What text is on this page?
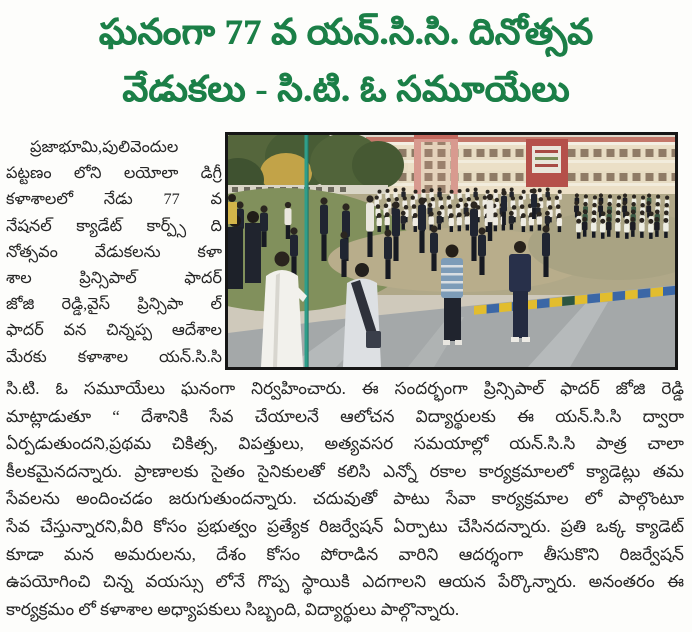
ఘనంగా 77 వ యన్.సి.సి. దినోత్సవ
వేడుకలు - సి.టి. ఓ సమూయేలు
ప్రజాభూమి,పులివెందుల
పట్టణం లోని లయోలా డిగ్రీ
కళాశాలలో నేడు 77 వ
నేషనల్ క్యాడేట్ కార్ప్స్ ది
నోత్సవం వేడుకలను కళా
శాల ప్రిన్సిపాల్ ఫాదర్
జోజి రెడ్డి,వైస్ ప్రిన్సిపా ల్
ఫాదర్ వన చిన్నప్ప ఆదేశాల
మేరకు కళాశాల యన్.సి.సి
సి.టి. ఓ సమూయేలు ఘనంగా నిర్వహించారు. ఈ సందర్భంగా ప్రిన్సిపాల్ ఫాదర్ జోజి రెడ్డి
మాట్లాడుతూ “ దేశానికి సేవ చేయాలనే ఆలోచన విద్యార్థులకు ఈ యన్.సి.సి ద్వారా
ఏర్పడుతుందని,ప్రథమ చికిత్స, విపత్తులు, అత్యవసర సమయాల్లో యన్.సి.సి పాత్ర చాలా
కీలకమైనదన్నారు. ప్రాణాలకు సైతం సైనికులతో కలిసి ఎన్నో రకాల కార్యక్రమాలలో క్యాడెట్లు తమ
సేవలను అందించడం జరుగుతుందన్నారు. చదువుతో పాటు సేవా కార్యక్రమాల లో పాల్గొంటూ
సేవ చేస్తున్నారని,వీరి కోసం ప్రభుత్వం ప్రత్యేక రిజర్వేషన్ ఏర్పాటు చేసినదన్నారు. ప్రతి ఒక్క క్యాడెట్
కూడా మన అమరులను, దేశం కోసం పోరాడిన వారిని ఆదర్శంగా తీసుకొని రిజర్వేషన్
ఉపయోగించి చిన్న వయస్సు లోనే గొప్ప స్థాయికి ఎదగాలని ఆయన పేర్కొన్నారు. అనంతరం ఈ
కార్యక్రమం లో కళాశాల అధ్యాపకులు సిబ్బంది, విద్యార్థులు పాల్గొన్నారు.
